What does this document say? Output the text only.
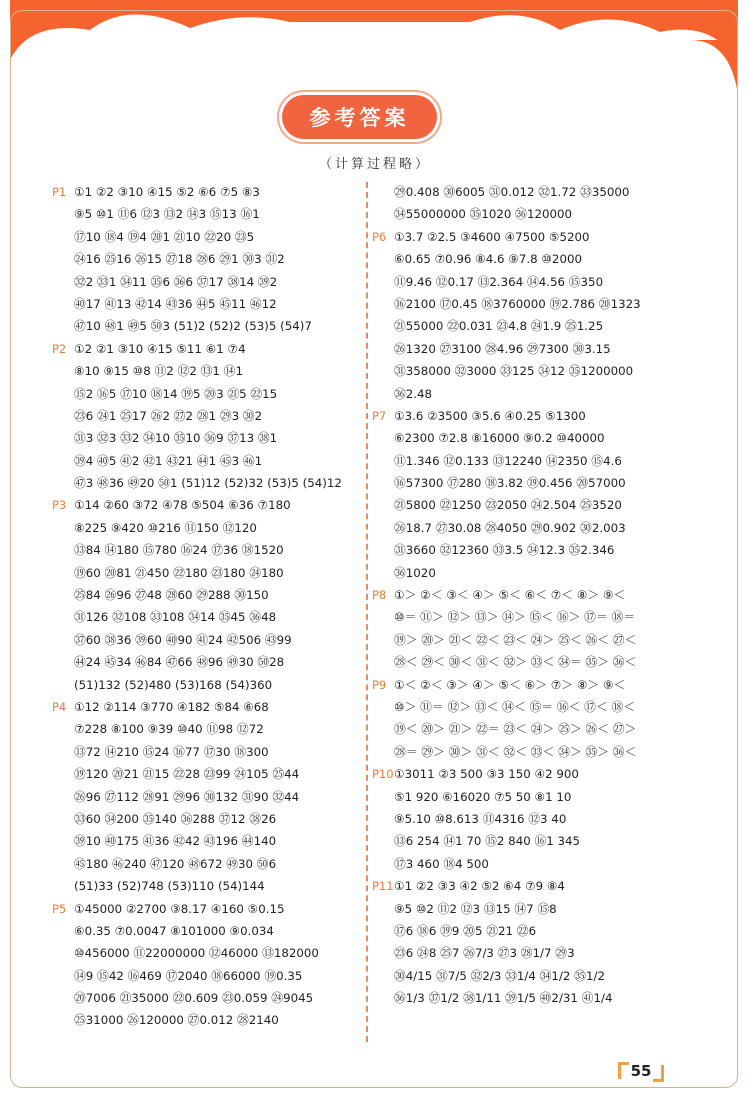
参考答案
（计算过程略）
P1 ①1 ②2 ③10 ④15 ⑤2 ⑥6 ⑦5 ⑧3
⑨5 ⑩1 ⑪6 ⑫3 ⑬2 ⑭3 ⑮13 ⑯1
⑰10 ⑱4 ⑲4 ⑳1 ㉑10 ㉒20 ㉓5
㉔16 ㉕16 ㉖15 ㉗18 ㉘6 ㉙1 ㉚3 ㉛2
㉜2 ㉝1 ㉞11 ㉟6 ㊱6 ㊲17 ㊳14 ㊴2
㊵17 ㊶13 ㊷14 ㊸36 ㊹5 ㊺11 ㊻12
㊼10 ㊽1 ㊾5 ㊿3 (51)2 (52)2 (53)5 (54)7
P2 ①2 ②1 ③10 ④15 ⑤11 ⑥1 ⑦4
⑧10 ⑨15 ⑩8 ⑪2 ⑫2 ⑬1 ⑭1
⑮2 ⑯5 ⑰10 ⑱14 ⑲5 ⑳3 ㉑5 ㉒15
㉓6 ㉔1 ㉕17 ㉖2 ㉗2 ㉘1 ㉙3 ㉚2
㉛3 ㉜3 ㉝2 ㉞10 ㉟10 ㊱9 ㊲13 ㊳1
㊴4 ㊵5 ㊶2 ㊷1 ㊸21 ㊹1 ㊺3 ㊻1
㊼3 ㊽36 ㊾20 ㊿1 (51)12 (52)32 (53)5 (54)12
P3 ①14 ②60 ③72 ④78 ⑤504 ⑥36 ⑦180
⑧225 ⑨420 ⑩216 ⑪150 ⑫120
⑬84 ⑭180 ⑮780 ⑯24 ⑰36 ⑱1520
⑲60 ⑳81 ㉑450 ㉒180 ㉓180 ㉔180
㉕84 ㉖96 ㉗48 ㉘60 ㉙288 ㉚150
㉛126 ㉜108 ㉝108 ㉞14 ㉟45 ㊱48
㊲60 ㊳36 ㊴60 ㊵90 ㊶24 ㊷506 ㊸99
㊹24 ㊺34 ㊻84 ㊼66 ㊽96 ㊾30 ㊿28
(51)132 (52)480 (53)168 (54)360
P4 ①12 ②114 ③770 ④182 ⑤84 ⑥68
⑦228 ⑧100 ⑨39 ⑩40 ⑪98 ⑫72
⑬72 ⑭210 ⑮24 ⑯77 ⑰30 ⑱300
⑲120 ⑳21 ㉑15 ㉒28 ㉓99 ㉔105 ㉕44
㉖96 ㉗112 ㉘91 ㉙96 ㉚132 ㉛90 ㉜44
㉝60 ㉞200 ㉟140 ㊱288 ㊲12 ㊳26
㊴10 ㊵175 ㊶36 ㊷42 ㊸196 ㊹140
㊺180 ㊻240 ㊼120 ㊽672 ㊾30 ㊿6
(51)33 (52)748 (53)110 (54)144
P5 ①45000 ②2700 ③8.17 ④160 ⑤0.15
⑥0.35 ⑦0.0047 ⑧101000 ⑨0.034
⑩456000 ⑪22000000 ⑫46000 ⑬182000
⑭9 ⑮42 ⑯469 ⑰2040 ⑱66000 ⑲0.35
⑳7006 ㉑35000 ㉒0.609 ㉓0.059 ㉔9045
㉕31000 ㉖120000 ㉗0.012 ㉘2140
㉙0.408 ㉚6005 ㉛0.012 ㉜1.72 ㉝35000
㉞55000000 ㉟1020 ㊱120000
P6 ①3.7 ②2.5 ③4600 ④7500 ⑤5200
⑥0.65 ⑦0.96 ⑧4.6 ⑨7.8 ⑩2000
⑪9.46 ⑫0.17 ⑬2.364 ⑭4.56 ⑮350
⑯2100 ⑰0.45 ⑱3760000 ⑲2.786 ⑳1323
㉑55000 ㉒0.031 ㉓4.8 ㉔1.9 ㉕1.25
㉖1320 ㉗3100 ㉘4.96 ㉙7300 ㉚3.15
㉛358000 ㉜3000 ㉝125 ㉞12 ㉟1200000
㊱2.48
P7 ①3.6 ②3500 ③5.6 ④0.25 ⑤1300
⑥2300 ⑦2.8 ⑧16000 ⑨0.2 ⑩40000
⑪1.346 ⑫0.133 ⑬12240 ⑭2350 ⑮4.6
⑯57300 ⑰280 ⑱3.82 ⑲0.456 ⑳57000
㉑5800 ㉒1250 ㉓2050 ㉔2.504 ㉕3520
㉖18.7 ㉗30.08 ㉘4050 ㉙0.902 ㉚2.003
㉛3660 ㉜12360 ㉝3.5 ㉞12.3 ㉟2.346
㊱1020
P8 ①＞ ②＜ ③＜ ④＞ ⑤＜ ⑥＜ ⑦＜ ⑧＞ ⑨＜
⑩＝ ⑪＞ ⑫＞ ⑬＞ ⑭＞ ⑮＜ ⑯＞ ⑰＝ ⑱＝
⑲＞ ⑳＞ ㉑＜ ㉒＜ ㉓＜ ㉔＞ ㉕＜ ㉖＜ ㉗＜
㉘＜ ㉙＜ ㉚＜ ㉛＜ ㉜＞ ㉝＜ ㉞＝ ㉟＞ ㊱＜
P9 ①＜ ②＜ ③＞ ④＞ ⑤＜ ⑥＞ ⑦＞ ⑧＞ ⑨＜
⑩＞ ⑪＝ ⑫＞ ⑬＜ ⑭＜ ⑮＝ ⑯＜ ⑰＜ ⑱＜
⑲＜ ⑳＞ ㉑＞ ㉒＝ ㉓＜ ㉔＞ ㉕＞ ㉖＜ ㉗＞
㉘＝ ㉙＞ ㉚＞ ㉛＜ ㉜＜ ㉝＜ ㉞＞ ㉟＞ ㊱＜
P10 ①3011 ②3 500 ③3 150 ④2 900
⑤1 920 ⑥16020 ⑦5 50 ⑧1 10
⑨5.10 ⑩8.613 ⑪4316 ⑫3 40
⑬6 254 ⑭1 70 ⑮2 840 ⑯1 345
⑰3 460 ⑱4 500
P11 ①1 ②2 ③3 ④2 ⑤2 ⑥4 ⑦9 ⑧4
⑨5 ⑩2 ⑪2 ⑫3 ⑬15 ⑭7 ⑮8
⑰6 ⑱6 ⑲9 ⑳5 ㉑21 ㉒6
㉓6 ㉔8 ㉕7 ㉖7/3 ㉗3 ㉘1/7 ㉙3
㉚4/15 ㉛7/5 ㉜2/3 ㉝1/4 ㉞1/2 ㉟1/2
㊱1/3 ㊲1/2 ㊳1/11 ㊴1/5 ㊵2/31 ㊶1/4
55
